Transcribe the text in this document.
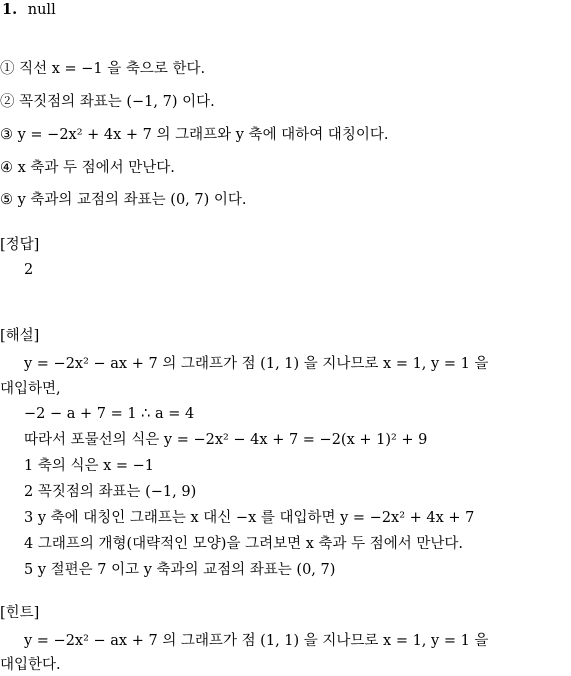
1. null
① 직선 x = −1 을 축으로 한다.
② 꼭짓점의 좌표는 (−1, 7) 이다.
③ y = −2x² + 4x + 7 의 그래프와 y 축에 대하여 대칭이다.
④ x 축과 두 점에서 만난다.
⑤ y 축과의 교점의 좌표는 (0, 7) 이다.
[정답]
2
[해설]
y = −2x² − ax + 7 의 그래프가 점 (1, 1) 을 지나므로 x = 1, y = 1 을
대입하면,
−2 − a + 7 = 1 ∴ a = 4
따라서 포물선의 식은 y = −2x² − 4x + 7 = −2(x + 1)² + 9
1 축의 식은 x = −1
2 꼭짓점의 좌표는 (−1, 9)
3 y 축에 대칭인 그래프는 x 대신 −x 를 대입하면 y = −2x² + 4x + 7
4 그래프의 개형(대략적인 모양)을 그려보면 x 축과 두 점에서 만난다.
5 y 절편은 7 이고 y 축과의 교점의 좌표는 (0, 7)
[힌트]
y = −2x² − ax + 7 의 그래프가 점 (1, 1) 을 지나므로 x = 1, y = 1 을
대입한다.
